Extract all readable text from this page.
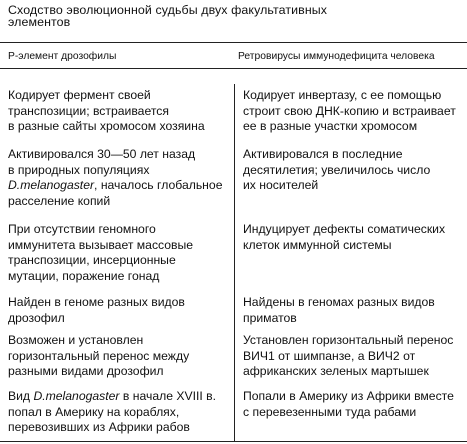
Сходство эволюционной судьбы двух факультативных
элементов
Р-элемент дрозофилы	Ретровирусы иммунодефицита человека
Кодирует фермент своей
транспозиции; встраивается
в разные сайты хромосом хозяина
Кодирует инвертазу, с ее помощью
строит свою ДНК-копию и встраивает
ее в разные участки хромосом
Активировался 30—50 лет назад
в природных популяциях
D.melanogaster, началось глобальное
расселение копий
Активировался в последние
десятилетия; увеличилось число
их носителей
При отсутствии геномного
иммунитета вызывает массовые
транспозиции, инсерционные
мутации, поражение гонад
Индуцирует дефекты соматических
клеток иммунной системы
Найден в геноме разных видов
дрозофил
Найдены в геномах разных видов
приматов
Возможен и установлен
горизонтальный перенос между
разными видами дрозофил
Установлен горизонтальный перенос
ВИЧ1 от шимпанзе, а ВИЧ2 от
африканских зеленых мартышек
Вид D.melanogaster в начале XVIII в.
попал в Америку на кораблях,
перевозивших из Африки рабов
Попали в Америку из Африки вместе
с перевезенными туда рабами
